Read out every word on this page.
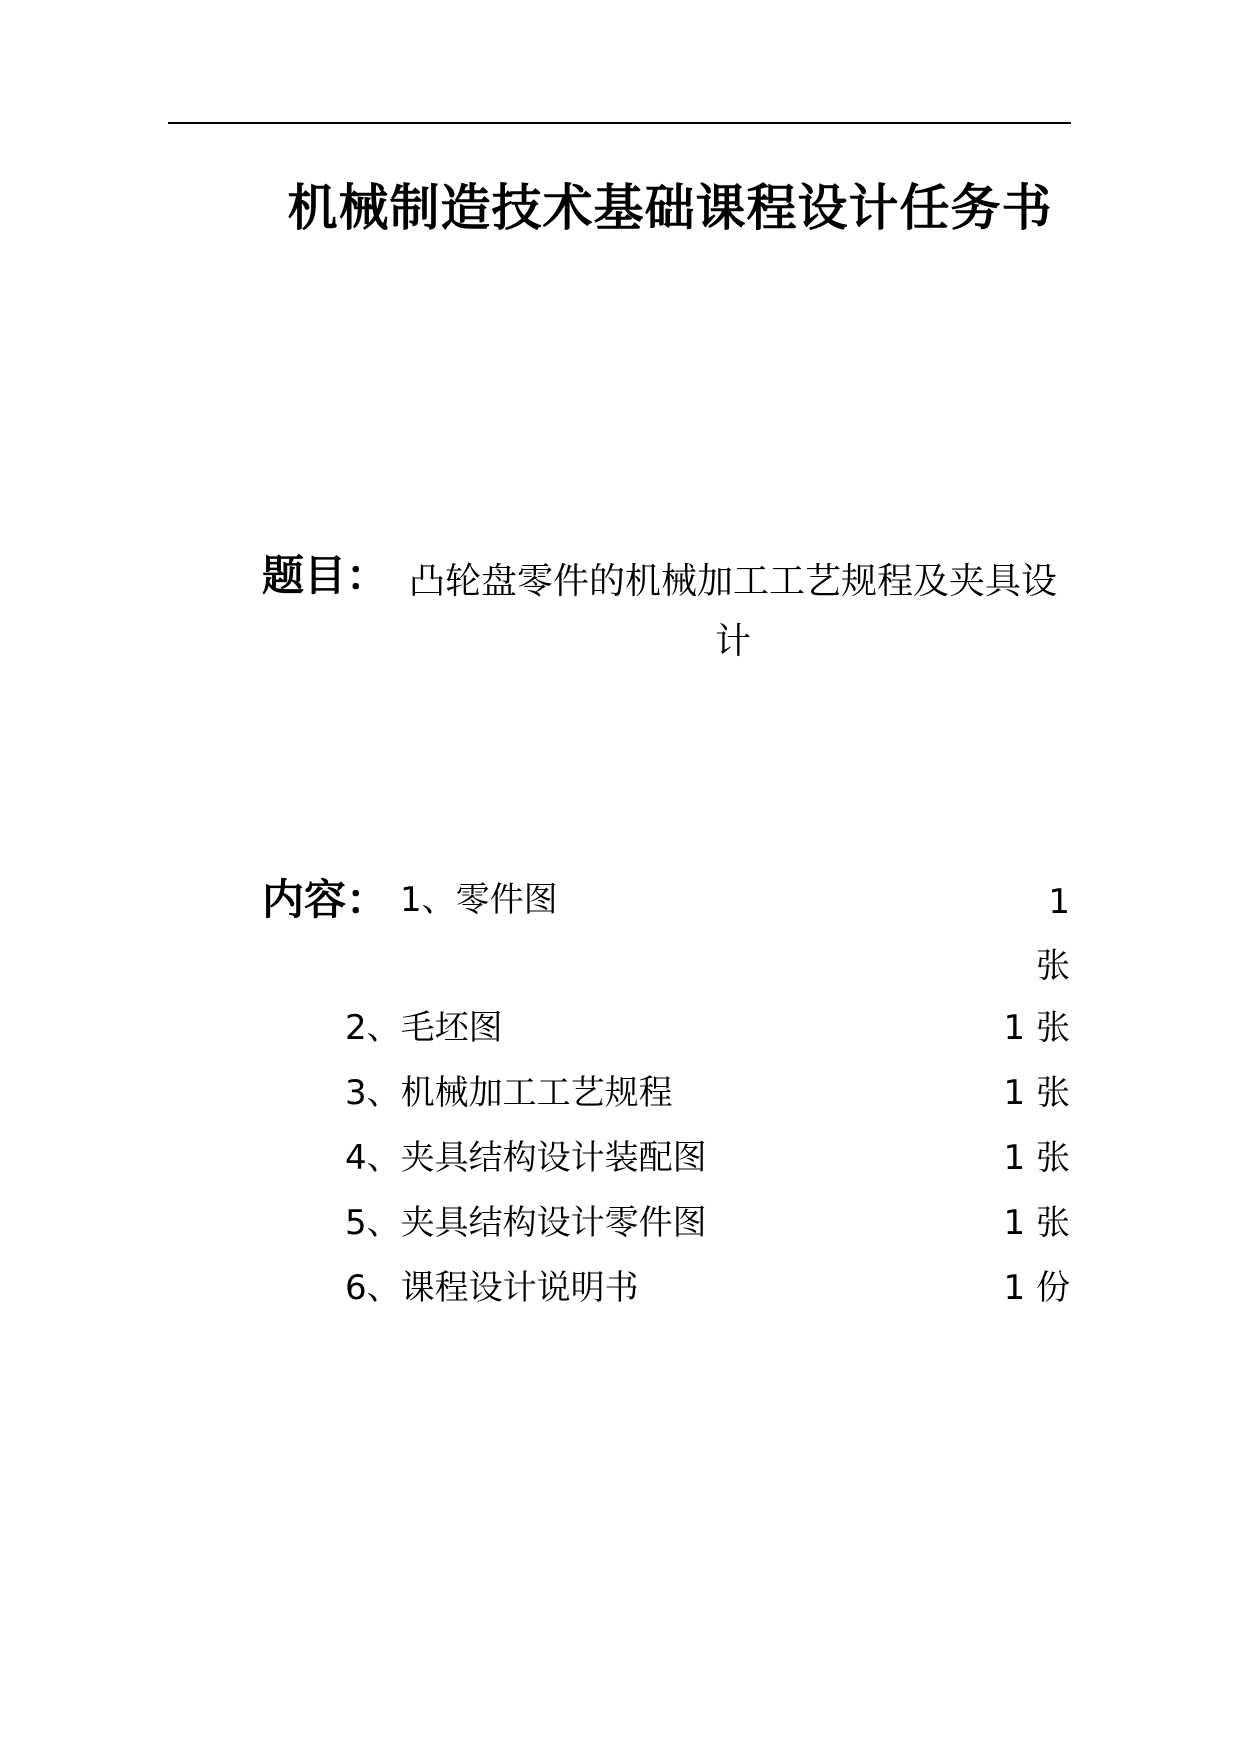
机械制造技术基础课程设计任务书
题目： 凸轮盘零件的机械加工工艺规程及夹具设计
内容： 1、零件图	1 张
2、毛坯图	1 张
3、机械加工工艺规程	1 张
4、夹具结构设计装配图	1 张
5、夹具结构设计零件图	1 张
6、课程设计说明书	1 份
